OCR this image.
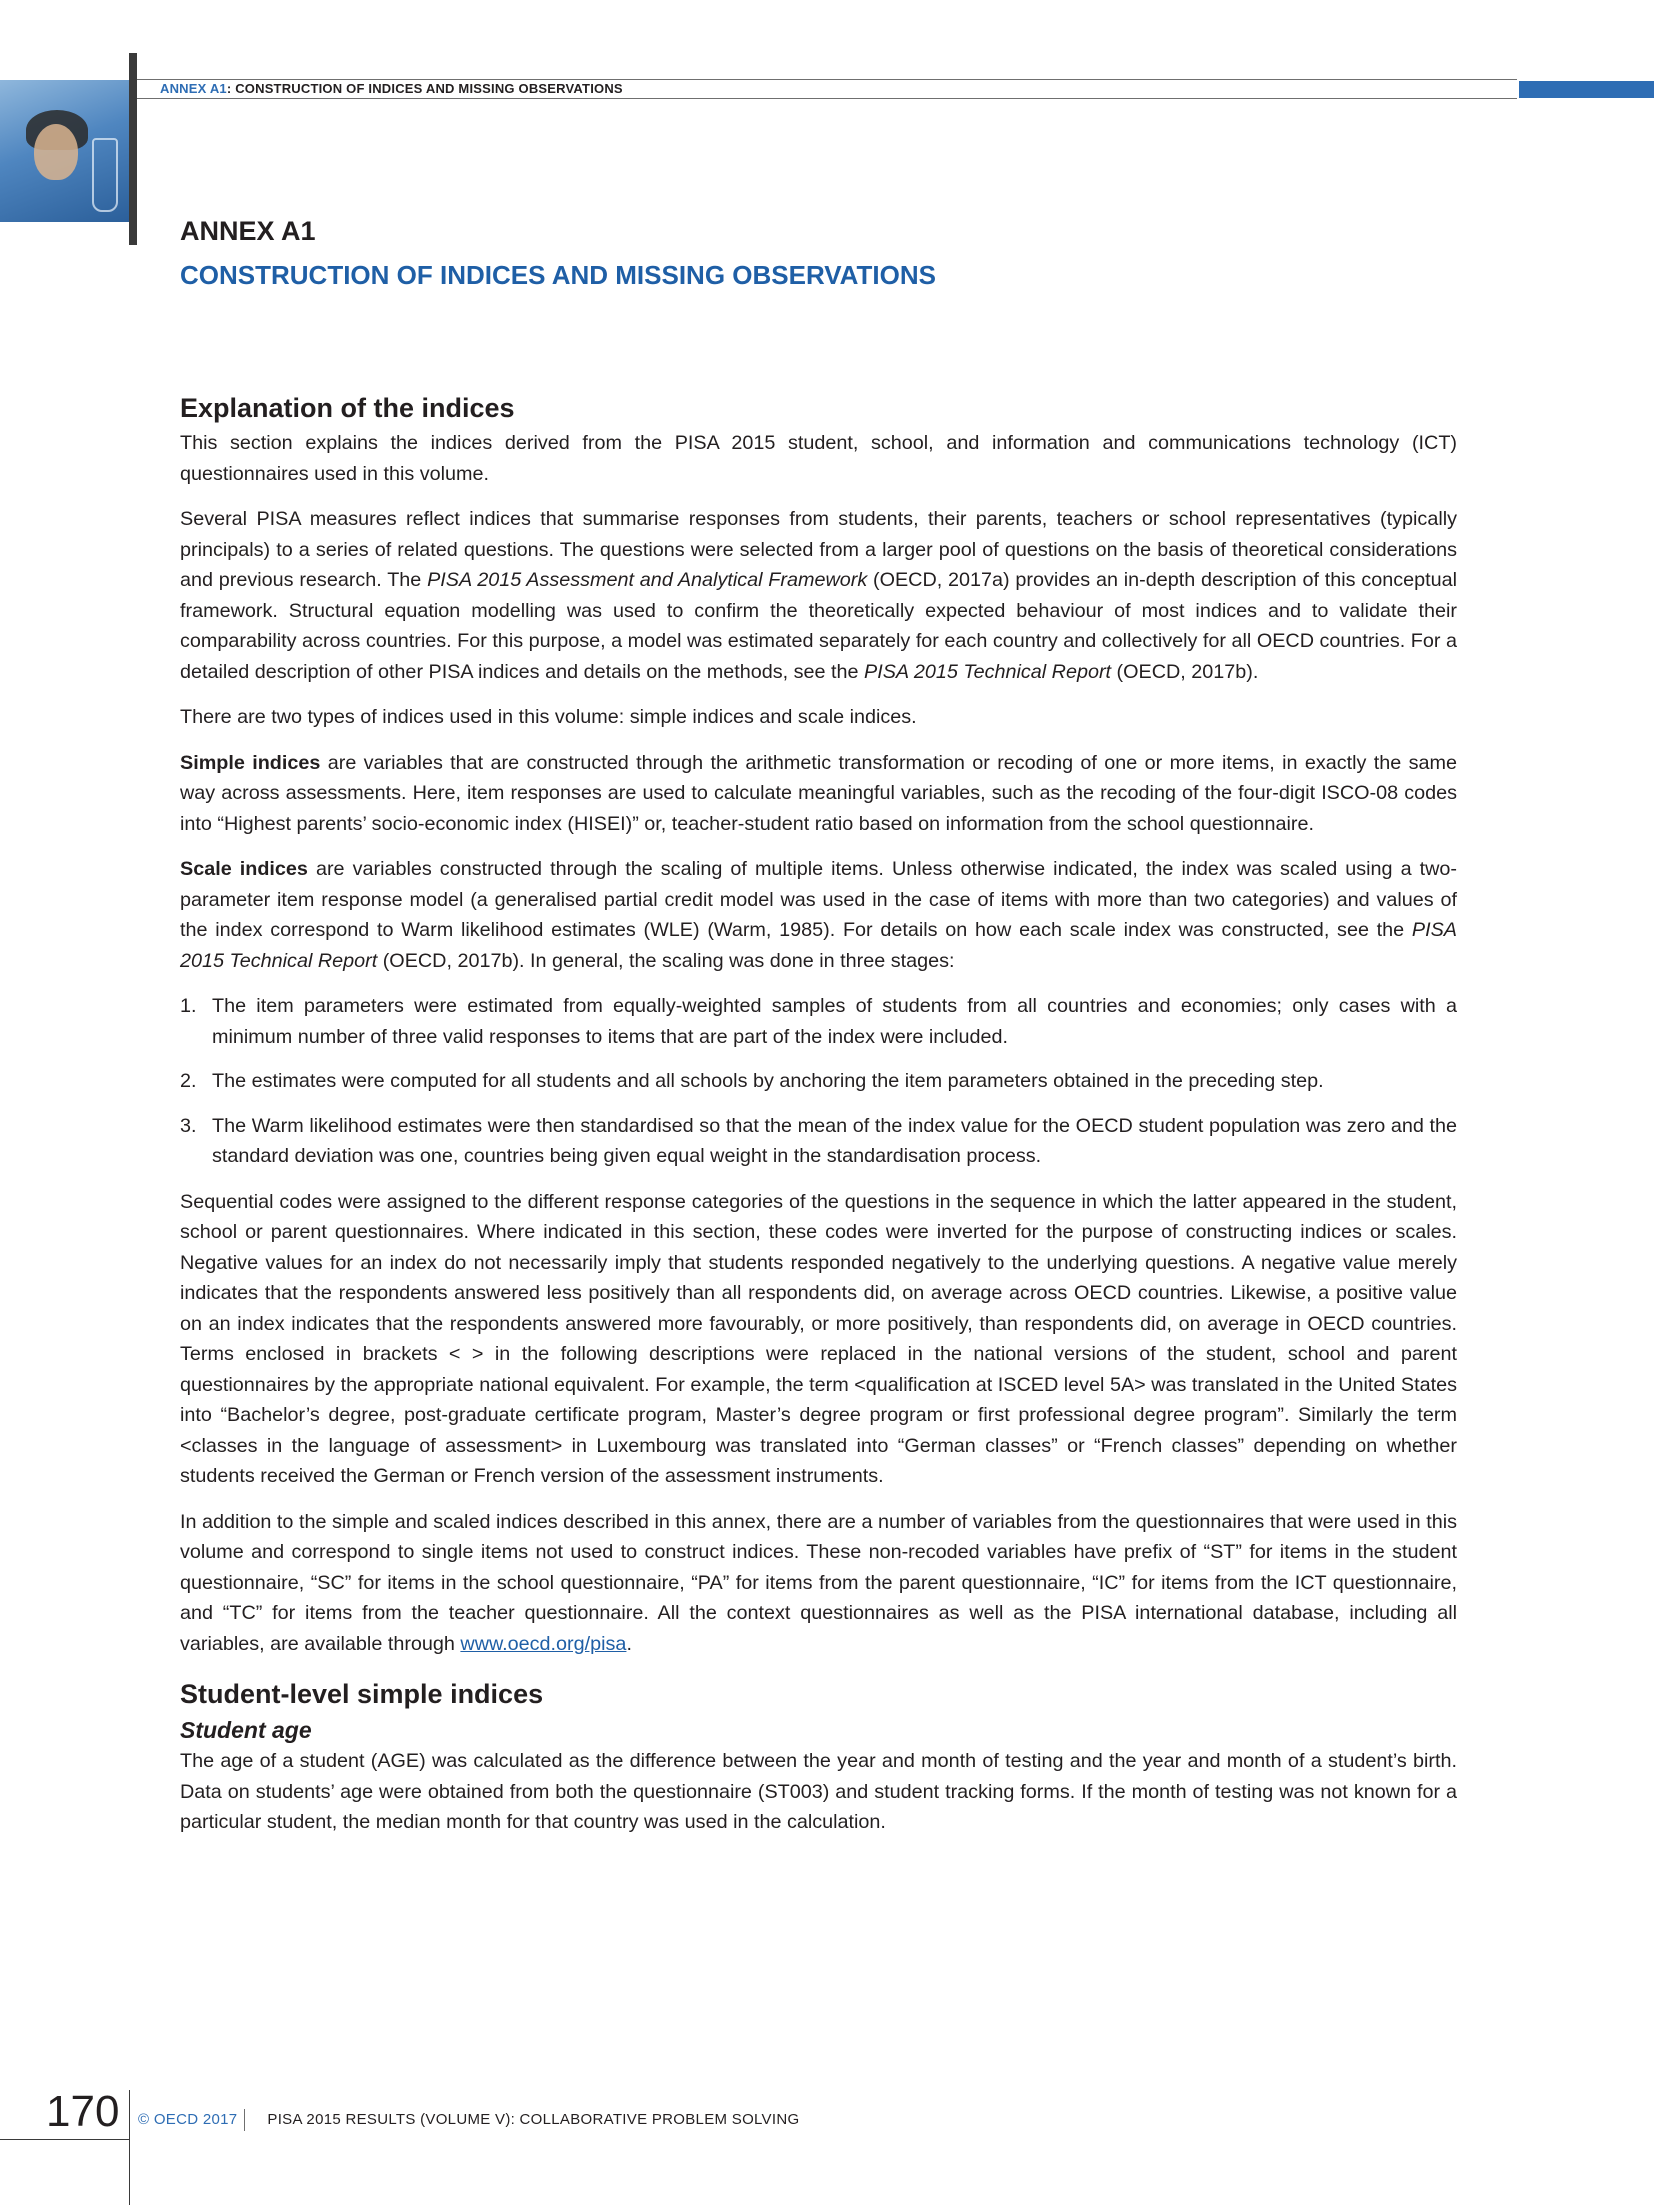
ANNEX A1: CONSTRUCTION OF INDICES AND MISSING OBSERVATIONS
ANNEX A1
CONSTRUCTION OF INDICES AND MISSING OBSERVATIONS
Explanation of the indices

This section explains the indices derived from the PISA 2015 student, school, and information and communications technology (ICT) questionnaires used in this volume.

Several PISA measures reflect indices that summarise responses from students, their parents, teachers or school representatives (typically principals) to a series of related questions. The questions were selected from a larger pool of questions on the basis of theoretical considerations and previous research. The PISA 2015 Assessment and Analytical Framework (OECD, 2017a) provides an in-depth description of this conceptual framework. Structural equation modelling was used to confirm the theoretically expected behaviour of most indices and to validate their comparability across countries. For this purpose, a model was estimated separately for each country and collectively for all OECD countries. For a detailed description of other PISA indices and details on the methods, see the PISA 2015 Technical Report (OECD, 2017b).

There are two types of indices used in this volume: simple indices and scale indices.

Simple indices are variables that are constructed through the arithmetic transformation or recoding of one or more items, in exactly the same way across assessments. Here, item responses are used to calculate meaningful variables, such as the recoding of the four-digit ISCO-08 codes into “Highest parents’ socio-economic index (HISEI)” or, teacher-student ratio based on information from the school questionnaire.

Scale indices are variables constructed through the scaling of multiple items. Unless otherwise indicated, the index was scaled using a two-parameter item response model (a generalised partial credit model was used in the case of items with more than two categories) and values of the index correspond to Warm likelihood estimates (WLE) (Warm, 1985). For details on how each scale index was constructed, see the PISA 2015 Technical Report (OECD, 2017b). In general, the scaling was done in three stages:

1. The item parameters were estimated from equally-weighted samples of students from all countries and economies; only cases with a minimum number of three valid responses to items that are part of the index were included.
2. The estimates were computed for all students and all schools by anchoring the item parameters obtained in the preceding step.
3. The Warm likelihood estimates were then standardised so that the mean of the index value for the OECD student population was zero and the standard deviation was one, countries being given equal weight in the standardisation process.

Sequential codes were assigned to the different response categories of the questions in the sequence in which the latter appeared in the student, school or parent questionnaires. Where indicated in this section, these codes were inverted for the purpose of constructing indices or scales. Negative values for an index do not necessarily imply that students responded negatively to the underlying questions. A negative value merely indicates that the respondents answered less positively than all respondents did, on average across OECD countries. Likewise, a positive value on an index indicates that the respondents answered more favourably, or more positively, than respondents did, on average in OECD countries. Terms enclosed in brackets < > in the following descriptions were replaced in the national versions of the student, school and parent questionnaires by the appropriate national equivalent. For example, the term <qualification at ISCED level 5A> was translated in the United States into “Bachelor’s degree, post-graduate certificate program, Master’s degree program or first professional degree program”. Similarly the term <classes in the language of assessment> in Luxembourg was translated into “German classes” or “French classes” depending on whether students received the German or French version of the assessment instruments.

In addition to the simple and scaled indices described in this annex, there are a number of variables from the questionnaires that were used in this volume and correspond to single items not used to construct indices. These non-recoded variables have prefix of “ST” for items in the student questionnaire, “SC” for items in the school questionnaire, “PA” for items from the parent questionnaire, “IC” for items from the ICT questionnaire, and “TC” for items from the teacher questionnaire. All the context questionnaires as well as the PISA international database, including all variables, are available through www.oecd.org/pisa.

Student-level simple indices
Student age

The age of a student (AGE) was calculated as the difference between the year and month of testing and the year and month of a student’s birth. Data on students’ age were obtained from both the questionnaire (ST003) and student tracking forms. If the month of testing was not known for a particular student, the median month for that country was used in the calculation.

170 © OECD 2017 PISA 2015 RESULTS (VOLUME V): COLLABORATIVE PROBLEM SOLVING
